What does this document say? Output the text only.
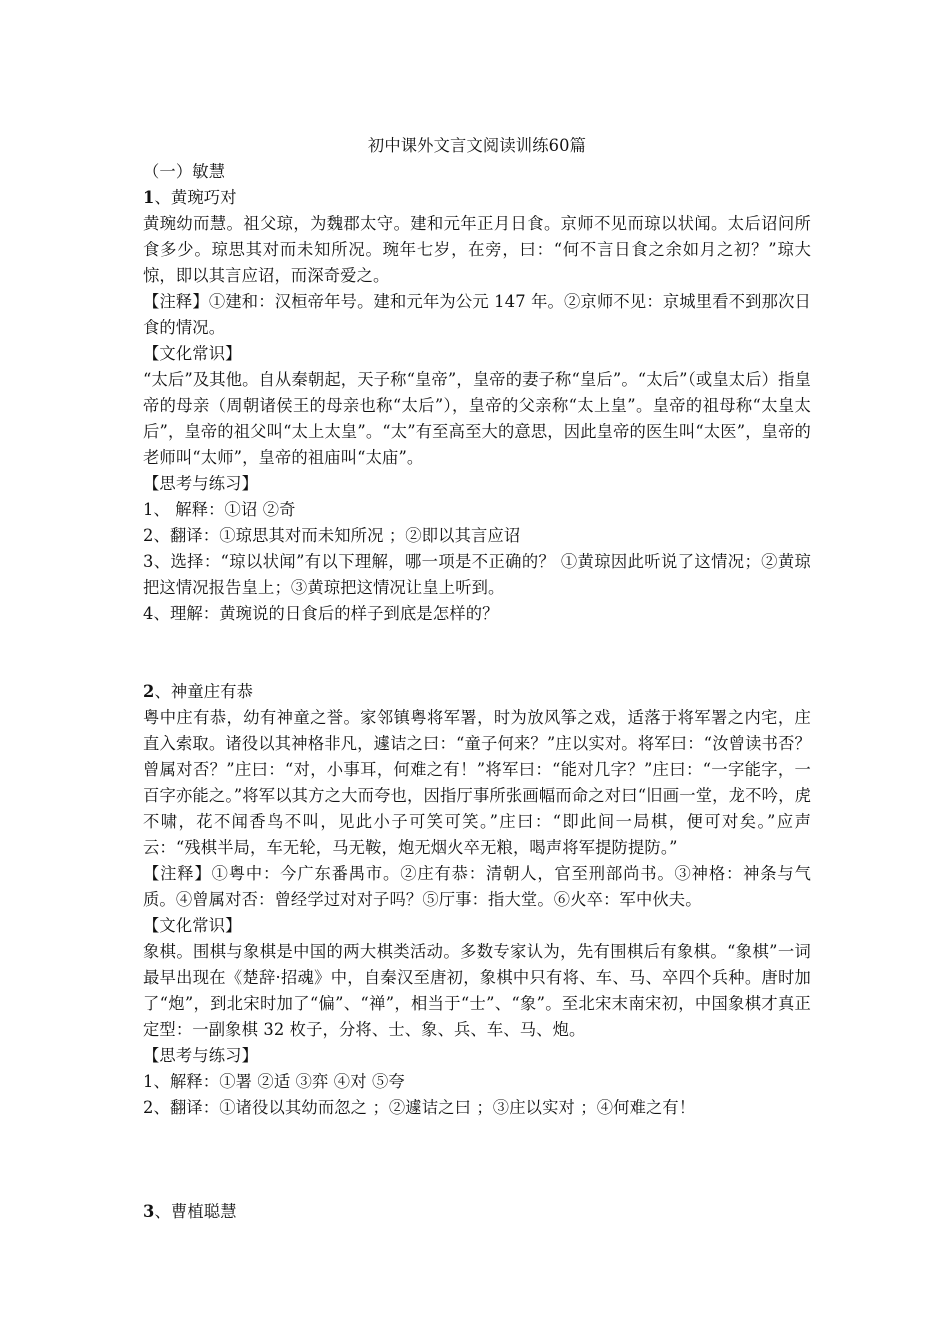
初中课外文言文阅读训练60篇

（一）敏慧

1、黄琬巧对

黄琬幼而慧。祖父琼，为魏郡太守。建和元年正月日食。京师不见而琼以状闻。太后诏问所食多少。琼思其对而未知所况。琬年七岁，在旁，曰：“何不言日食之余如月之初？”琼大惊，即以其言应诏，而深奇爱之。

【注释】①建和：汉桓帝年号。建和元年为公元 147 年。②京师不见：京城里看不到那次日食的情况。

【文化常识】

“太后”及其他。自从秦朝起，天子称“皇帝”，皇帝的妻子称“皇后”。“太后”（或皇太后）指皇帝的母亲（周朝诸侯王的母亲也称“太后”），皇帝的父亲称“太上皇”。皇帝的祖母称“太皇太后”，皇帝的祖父叫“太上太皇”。“太”有至高至大的意思，因此皇帝的医生叫“太医”，皇帝的老师叫“太师”，皇帝的祖庙叫“太庙”。

【思考与练习】

1、 解释：①诏 ②奇

2、翻译：①琼思其对而未知所况 ；②即以其言应诏

3、选择：“琼以状闻”有以下理解，哪一项是不正确的？ ①黄琼因此听说了这情况；②黄琼把这情况报告皇上；③黄琼把这情况让皇上听到。

4、理解：黄琬说的日食后的样子到底是怎样的？

2、神童庄有恭

粤中庄有恭，幼有神童之誉。家邻镇粤将军署，时为放风筝之戏，适落于将军署之内宅，庄直入索取。诸役以其神格非凡，遽诘之曰：“童子何来？”庄以实对。将军曰：“汝曾读书否？曾属对否？”庄曰：“对，小事耳，何难之有！”将军曰：“能对几字？”庄曰：“一字能字，一百字亦能之。”将军以其方之大而夸也，因指厅事所张画幅而命之对曰“旧画一堂，龙不吟，虎不啸，花不闻香鸟不叫，见此小子可笑可笑。”庄曰：“即此间一局棋，便可对矣。”应声云：“残棋半局，车无轮，马无鞍，炮无烟火卒无粮，喝声将军提防提防。”

【注释】①粤中：今广东番禺市。②庄有恭：清朝人，官至刑部尚书。③神格：神条与气质。④曾属对否：曾经学过对对子吗？⑤厅事：指大堂。⑥火卒：军中伙夫。

【文化常识】

象棋。围棋与象棋是中国的两大棋类活动。多数专家认为，先有围棋后有象棋。“象棋”一词最早出现在《楚辞·招魂》中，自秦汉至唐初，象棋中只有将、车、马、卒四个兵种。唐时加了“炮”，到北宋时加了“偏”、“禅”，相当于“士”、“象”。至北宋末南宋初，中国象棋才真正定型：一副象棋 32 枚子，分将、士、象、兵、车、马、炮。

【思考与练习】

1、解释：①署 ②适 ③弈 ④对 ⑤夸

2、翻译：①诸役以其幼而忽之 ；②遽诘之曰 ；③庄以实对 ；④何难之有！

3、曹植聪慧
